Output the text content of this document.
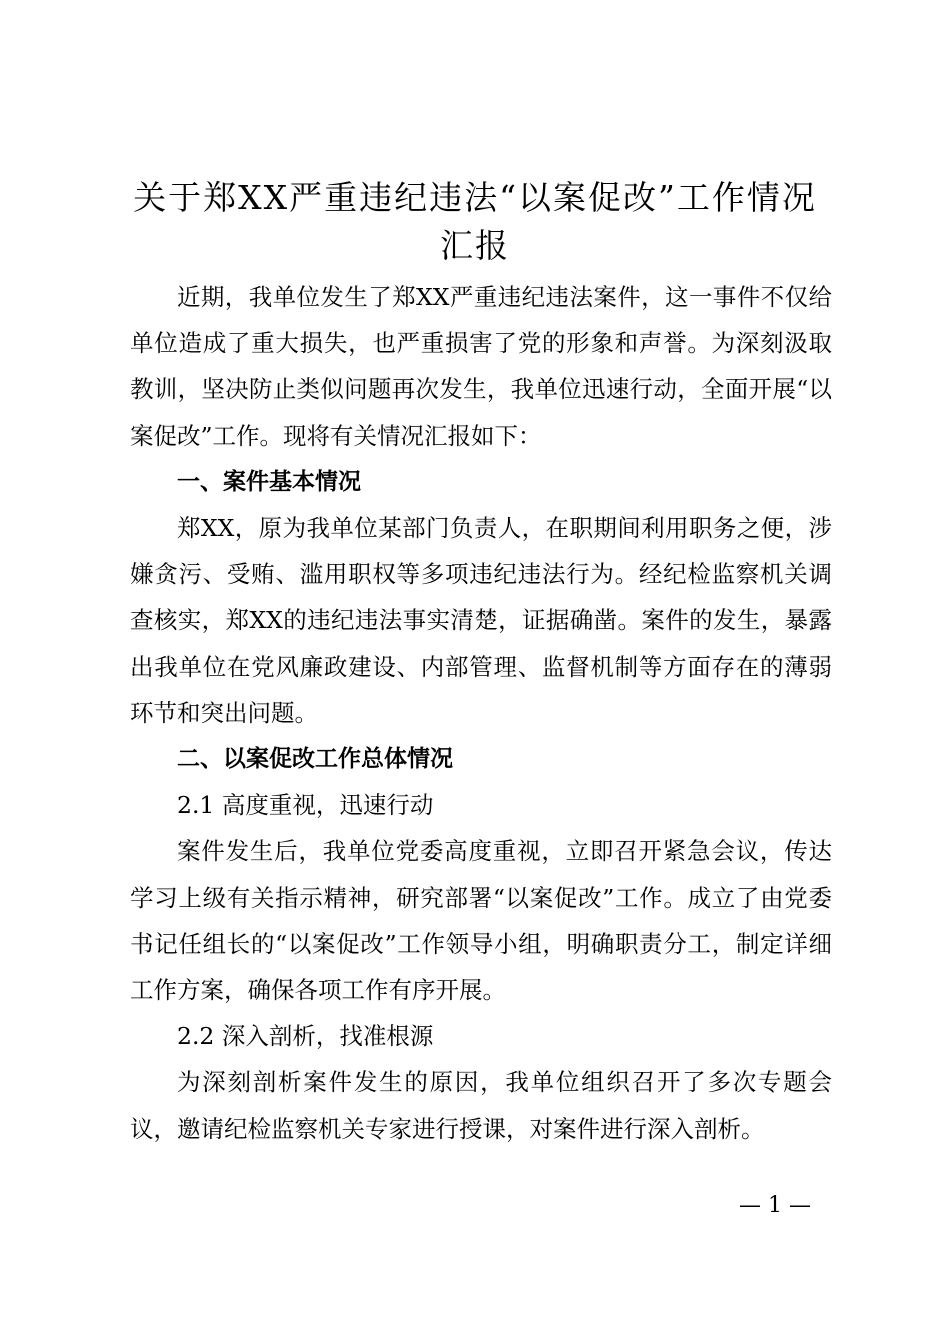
关于郑XX严重违纪违法“以案促改”工作情况汇报

近期，我单位发生了郑XX严重违纪违法案件，这一事件不仅给单位造成了重大损失，也严重损害了党的形象和声誉。为深刻汲取教训，坚决防止类似问题再次发生，我单位迅速行动，全面开展“以案促改”工作。现将有关情况汇报如下：

一、案件基本情况

郑XX，原为我单位某部门负责人，在职期间利用职务之便，涉嫌贪污、受贿、滥用职权等多项违纪违法行为。经纪检监察机关调查核实，郑XX的违纪违法事实清楚，证据确凿。案件的发生，暴露出我单位在党风廉政建设、内部管理、监督机制等方面存在的薄弱环节和突出问题。

二、以案促改工作总体情况

2.1 高度重视，迅速行动

案件发生后，我单位党委高度重视，立即召开紧急会议，传达学习上级有关指示精神，研究部署“以案促改”工作。成立了由党委书记任组长的“以案促改”工作领导小组，明确职责分工，制定详细工作方案，确保各项工作有序开展。

2.2 深入剖析，找准根源

为深刻剖析案件发生的原因，我单位组织召开了多次专题会议，邀请纪检监察机关专家进行授课，对案件进行深入剖析。

— 1 —
